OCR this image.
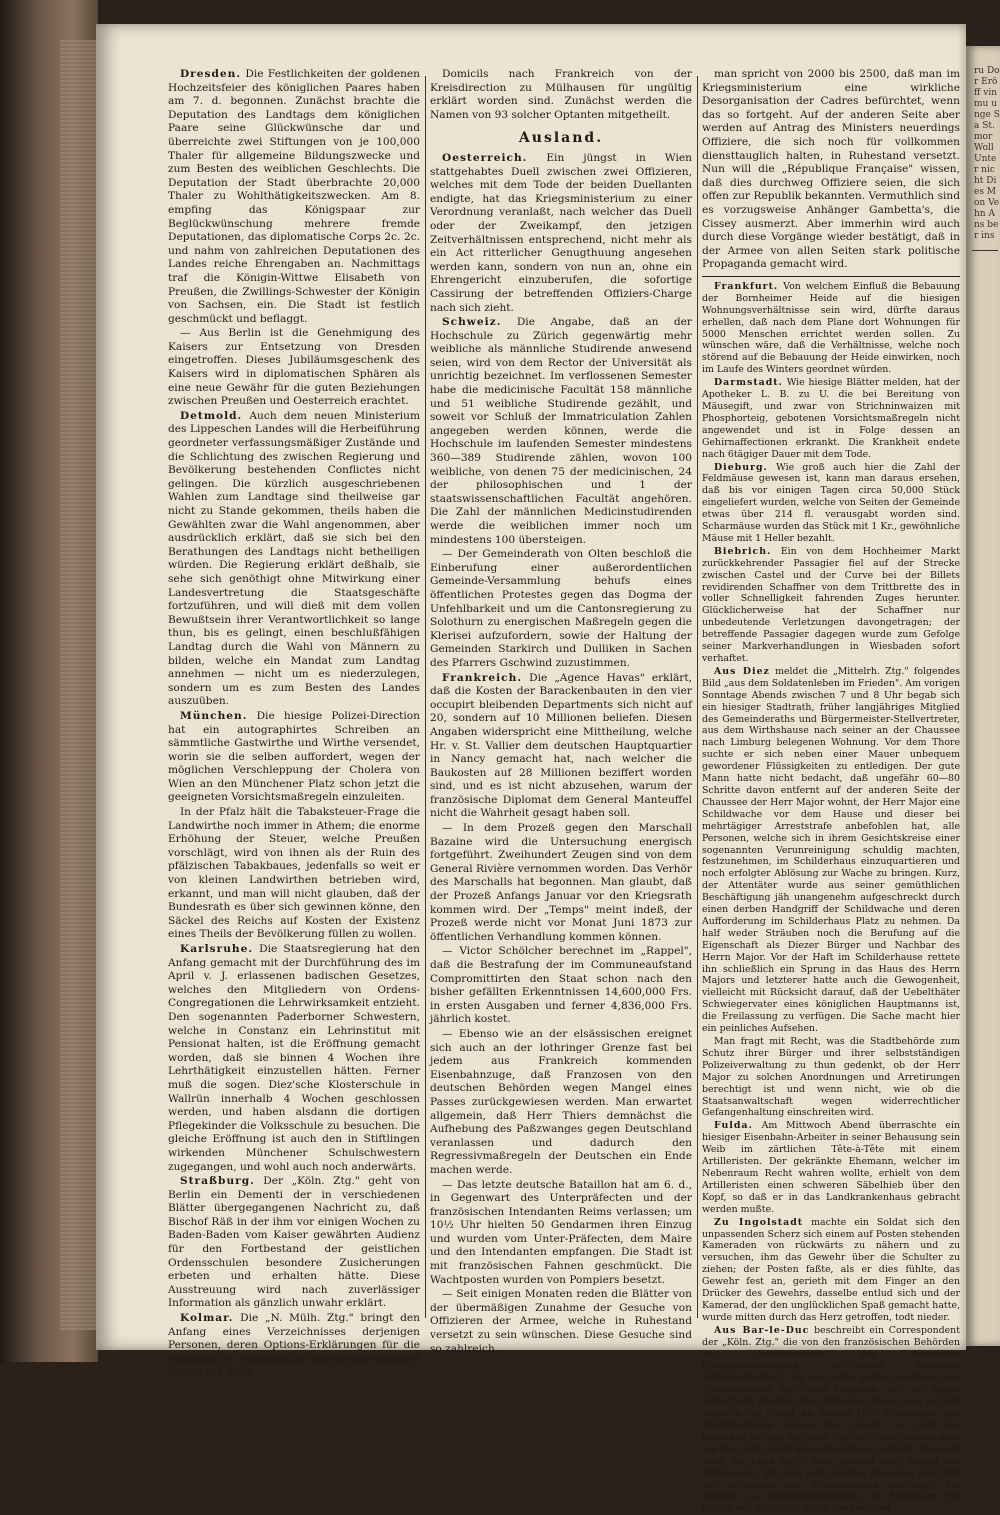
ru Dor Eröff vinmu unge Sa St. mor Woll Unter nicht Dies Mon Vehn Ans ber ins

Dresden. Die Festlichkeiten der goldenen Hochzeitsfeier des königlichen Paares haben am 7. d. begonnen. Zunächst brachte die Deputation des Landtags dem königlichen Paare seine Glückwünsche dar und überreichte zwei Stiftungen von je 100,000 Thaler für allgemeine Bildungszwecke und zum Besten des weiblichen Geschlechts. Die Deputation der Stadt überbrachte 20,000 Thaler zu Wohlthätigkeitszwecken. Am 8. empfing das Königspaar zur Beglückwünschung mehrere fremde Deputationen, das diplomatische Corps 2c. 2c. und nahm von zahlreichen Deputationen des Landes reiche Ehrengaben an. Nachmittags traf die Königin-Wittwe Elisabeth von Preußen, die Zwillings-Schwester der Königin von Sachsen, ein. Die Stadt ist festlich geschmückt und beflaggt.

— Aus Berlin ist die Genehmigung des Kaisers zur Entsetzung von Dresden eingetroffen. Dieses Jubiläumsgeschenk des Kaisers wird in diplomatischen Sphären als eine neue Gewähr für die guten Beziehungen zwischen Preußen und Oesterreich erachtet.

Detmold. Auch dem neuen Ministerium des Lippeschen Landes will die Herbeiführung geordneter verfassungsmäßiger Zustände und die Schlichtung des zwischen Regierung und Bevölkerung bestehenden Conflictes nicht gelingen. Die kürzlich ausgeschriebenen Wahlen zum Landtage sind theilweise gar nicht zu Stande gekommen, theils haben die Gewählten zwar die Wahl angenommen, aber ausdrücklich erklärt, daß sie sich bei den Berathungen des Landtags nicht betheiligen würden. Die Regierung erklärt deßhalb, sie sehe sich genöthigt ohne Mitwirkung einer Landesvertretung die Staatsgeschäfte fortzuführen, und will dieß mit dem vollen Bewußtsein ihrer Verantwortlichkeit so lange thun, bis es gelingt, einen beschlußfähigen Landtag durch die Wahl von Männern zu bilden, welche ein Mandat zum Landtag annehmen — nicht um es niederzulegen, sondern um es zum Besten des Landes auszuüben.

München. Die hiesige Polizei-Direction hat ein autographirtes Schreiben an sämmtliche Gastwirthe und Wirthe versendet, worin sie die selben auffordert, wegen der möglichen Verschleppung der Cholera von Wien an den Münchener Platz schon jetzt die geeigneten Vorsichtsmaßregeln einzuleiten.

In der Pfalz hält die Tabaksteuer-Frage die Landwirthe noch immer in Athem; die enorme Erhöhung der Steuer, welche Preußen vorschlägt, wird von ihnen als der Ruin des pfälzischen Tabakbaues, jedenfalls so weit er von kleinen Landwirthen betrieben wird, erkannt, und man will nicht glauben, daß der Bundesrath es über sich gewinnen könne, den Säckel des Reichs auf Kosten der Existenz eines Theils der Bevölkerung füllen zu wollen.

Karlsruhe. Die Staatsregierung hat den Anfang gemacht mit der Durchführung des im April v. J. erlassenen badischen Gesetzes, welches den Mitgliedern von Ordens-Congregationen die Lehrwirksamkeit entzieht. Den sogenannten Paderborner Schwestern, welche in Constanz ein Lehrinstitut mit Pensionat halten, ist die Eröffnung gemacht worden, daß sie binnen 4 Wochen ihre Lehrthätigkeit einzustellen hätten. Ferner muß die sogen. Diez'sche Klosterschule in Wallrün innerhalb 4 Wochen geschlossen werden, und haben alsdann die dortigen Pflegekinder die Volksschule zu besuchen. Die gleiche Eröffnung ist auch den in Stiftlingen wirkenden Münchener Schulschwestern zugegangen, und wohl auch noch anderwärts.

Straßburg. Der „Köln. Ztg." geht von Berlin ein Dementi der in verschiedenen Blätter übergegangenen Nachricht zu, daß Bischof Räß in der ihm vor einigen Wochen zu Baden-Baden vom Kaiser gewährten Audienz für den Fortbestand der geistlichen Ordensschulen besondere Zusicherungen erbeten und erhalten hätte. Diese Ausstreuung wird nach zuverlässiger Information als gänzlich unwahr erklärt.

Kolmar. Die „N. Mülh. Ztg." bringt den Anfang eines Verzeichnisses derjenigen Personen, deren Options-Erklärungen für die französische Nationalität wegen unterlassener Verlegung ihres

Domicils nach Frankreich von der Kreisdirection zu Mülhausen für ungültig erklärt worden sind. Zunächst werden die Namen von 93 solcher Optanten mitgetheilt.

Ausland.

Oesterreich. Ein jüngst in Wien stattgehabtes Duell zwischen zwei Offizieren, welches mit dem Tode der beiden Duellanten endigte, hat das Kriegsministerium zu einer Verordnung veranlaßt, nach welcher das Duell oder der Zweikampf, den jetzigen Zeitverhältnissen entsprechend, nicht mehr als ein Act ritterlicher Genugthuung angesehen werden kann, sondern von nun an, ohne ein Ehrengericht einzuberufen, die sofortige Cassirung der betreffenden Offiziers-Charge nach sich zieht.

Schweiz. Die Angabe, daß an der Hochschule zu Zürich gegenwärtig mehr weibliche als männliche Studirende anwesend seien, wird von dem Rector der Universität als unrichtig bezeichnet. Im verflossenen Semester habe die medicinische Facultät 158 männliche und 51 weibliche Studirende gezählt, und soweit vor Schluß der Immatriculation Zahlen angegeben werden können, werde die Hochschule im laufenden Semester mindestens 360—389 Studirende zählen, wovon 100 weibliche, von denen 75 der medicinischen, 24 der philosophischen und 1 der staatswissenschaftlichen Facultät angehören. Die Zahl der männlichen Medicinstudirenden werde die weiblichen immer noch um mindestens 100 übersteigen.

— Der Gemeinderath von Olten beschloß die Einberufung einer außerordentlichen Gemeinde-Versammlung behufs eines öffentlichen Protestes gegen das Dogma der Unfehlbarkeit und um die Cantonsregierung zu Solothurn zu energischen Maßregeln gegen die Klerisei aufzufordern, sowie der Haltung der Gemeinden Starkirch und Dulliken in Sachen des Pfarrers Gschwind zuzustimmen.

Frankreich. Die „Agence Havas" erklärt, daß die Kosten der Barackenbauten in den vier occupirt bleibenden Departments sich nicht auf 20, sondern auf 10 Millionen beliefen. Diesen Angaben widerspricht eine Mittheilung, welche Hr. v. St. Vallier dem deutschen Hauptquartier in Nancy gemacht hat, nach welcher die Baukosten auf 28 Millionen beziffert worden sind, und es ist nicht abzusehen, warum der französische Diplomat dem General Manteuffel nicht die Wahrheit gesagt haben soll.

— In dem Prozeß gegen den Marschall Bazaine wird die Untersuchung energisch fortgeführt. Zweihundert Zeugen sind von dem General Rivière vernommen worden. Das Verhör des Marschalls hat begonnen. Man glaubt, daß der Prozeß Anfangs Januar vor den Kriegsrath kommen wird. Der „Temps" meint indeß, der Prozeß werde nicht vor Monat Juni 1873 zur öffentlichen Verhandlung kommen können.

— Victor Schölcher berechnet im „Rappel", daß die Bestrafung der im Communeaufstand Compromittirten den Staat schon nach den bisher gefällten Erkenntnissen 14,600,000 Frs. in ersten Ausgaben und ferner 4,836,000 Frs. jährlich kostet.

— Ebenso wie an der elsässischen ereignet sich auch an der lothringer Grenze fast bei jedem aus Frankreich kommenden Eisenbahnzuge, daß Franzosen von den deutschen Behörden wegen Mangel eines Passes zurückgewiesen werden. Man erwartet allgemein, daß Herr Thiers demnächst die Aufhebung des Paßzwanges gegen Deutschland veranlassen und dadurch den Regressivmaßregeln der Deutschen ein Ende machen werde.

— Das letzte deutsche Bataillon hat am 6. d., in Gegenwart des Unterpräfecten und der französischen Intendanten Reims verlassen; um 10½ Uhr hielten 50 Gendarmen ihren Einzug und wurden vom Unter-Präfecten, dem Maire und den Intendanten empfangen. Die Stadt ist mit französischen Fahnen geschmückt. Die Wachtposten wurden von Pompiers besetzt.

— Seit einigen Monaten reden die Blätter von der übermäßigen Zunahme der Gesuche von Offizieren der Armee, welche in Ruhestand versetzt zu sein wünschen. Diese Gesuche sind so zahlreich,

man spricht von 2000 bis 2500, daß man im Kriegsministerium eine wirkliche Desorganisation der Cadres befürchtet, wenn das so fortgeht. Auf der anderen Seite aber werden auf Antrag des Ministers neuerdings Offiziere, die sich noch für vollkommen diensttauglich halten, in Ruhestand versetzt. Nun will die „République Française" wissen, daß dies durchweg Offiziere seien, die sich offen zur Republik bekannten. Vermuthlich sind es vorzugsweise Anhänger Gambetta's, die Cissey ausmerzt. Aber immerhin wird auch durch diese Vorgänge wieder bestätigt, daß in der Armee von allen Seiten stark politische Propaganda gemacht wird.

Frankfurt. Von welchem Einfluß die Bebauung der Bornheimer Heide auf die hiesigen Wohnungsverhältnisse sein wird, dürfte daraus erhellen, daß nach dem Plane dort Wohnungen für 5000 Menschen errichtet werden sollen. Zu wünschen wäre, daß die Verhältnisse, welche noch störend auf die Bebauung der Heide einwirken, noch im Laufe des Winters geordnet würden.

Darmstadt. Wie hiesige Blätter melden, hat der Apotheker L. B. zu U. die bei Bereitung von Mäusegift, und zwar von Strichninwaizen mit Phosphorteig, gebotenen Vorsichtsmaßregeln nicht angewendet und ist in Folge dessen an Gehirnaffectionen erkrankt. Die Krankheit endete nach 6tägiger Dauer mit dem Tode.

Dieburg. Wie groß auch hier die Zahl der Feldmäuse gewesen ist, kann man daraus ersehen, daß bis vor einigen Tagen circa 50,000 Stück eingeliefert wurden, welche von Seiten der Gemeinde etwas über 214 fl. verausgabt worden sind. Scharmäuse wurden das Stück mit 1 Kr., gewöhnliche Mäuse mit 1 Heller bezahlt.

Biebrich. Ein von dem Hochheimer Markt zurückkehrender Passagier fiel auf der Strecke zwischen Castel und der Curve bei der Billets revidirenden Schaffner von dem Trittbrette des in voller Schnelligkeit fahrenden Zuges herunter. Glücklicherweise hat der Schaffner nur unbedeutende Verletzungen davongetragen; der betreffende Passagier dagegen wurde zum Gefolge seiner Markverhandlungen in Wiesbaden sofort verhaftet.

Aus Diez meldet die „Mittelrh. Ztg." folgendes Bild „aus dem Soldatenleben im Frieden". Am vorigen Sonntage Abends zwischen 7 und 8 Uhr begab sich ein hiesiger Stadtrath, früher langjähriges Mitglied des Gemeinderaths und Bürgermeister-Stellvertreter, aus dem Wirthshause nach seiner an der Chaussee nach Limburg belegenen Wohnung. Vor dem Thore suchte er sich neben einer Mauer unbequem gewordener Flüssigkeiten zu entledigen. Der gute Mann hatte nicht bedacht, daß ungefähr 60—80 Schritte davon entfernt auf der anderen Seite der Chaussee der Herr Major wohnt, der Herr Major eine Schildwache vor dem Hause und dieser bei mehrtägiger Arreststrafe anbefohlen hat, alle Personen, welche sich in ihrem Gesichtskreise einer sogenannten Verunreinigung schuldig machten, festzunehmen, im Schilderhaus einzuquartieren und noch erfolgter Ablösung zur Wache zu bringen. Kurz, der Attentäter wurde aus seiner gemüthlichen Beschäftigung jäh unangenehm aufgeschreckt durch einen derben Handgriff der Schildwache und deren Aufforderung im Schilderhaus Platz zu nehmen. Da half weder Sträuben noch die Berufung auf die Eigenschaft als Diezer Bürger und Nachbar des Herrn Major. Vor der Haft im Schilderhause rettete ihn schließlich ein Sprung in das Haus des Herrn Majors und letzterer hatte auch die Gewogenheit, vielleicht mit Rücksicht darauf, daß der Uebelthäter Schwiegervater eines königlichen Hauptmanns ist, die Freilassung zu verfügen. Die Sache macht hier ein peinliches Aufsehen.

Man fragt mit Recht, was die Stadtbehörde zum Schutz ihrer Bürger und ihrer selbstständigen Polizeiverwaltung zu thun gedenkt, ob der Herr Major zu solchen Anordnungen und Arretirungen berechtigt ist und wenn nicht, wie ob die Staatsanwaltschaft wegen widerrechtlicher Gefangenhaltung einschreiten wird.

Fulda. Am Mittwoch Abend überraschte ein hiesiger Eisenbahn-Arbeiter in seiner Behausung sein Weib im zärtlichen Tête-à-Tête mit einem Artilleristen. Der gekränkte Ehemann, welcher im Nebenraum Recht wahren wollte, erhielt von dem Artilleristen einen schweren Säbelhieb über den Kopf, so daß er in das Landkrankenhaus gebracht werden mußte.

Zu Ingolstadt machte ein Soldat sich den unpassenden Scherz sich einem auf Posten stehenden Kameraden von rückwärts zu nähern und zu versuchen, ihm das Gewehr über die Schulter zu ziehen; der Posten faßte, als er dies fühlte, das Gewehr fest an, gerieth mit dem Finger an den Drücker des Gewehrs, dasselbe entlud sich und der Kamerad, der den unglücklichen Spaß gemacht hatte, wurde mitten durch das Herz getroffen, todt nieder.

Aus Bar-le-Duc beschreibt ein Correspondent der „Köln. Ztg." die von den französischen Behörden zur Unterbringung der deutschen Occupationstruppen errichteten Baracken folgendermaßen: „Es sind zehn große zwischen zwei Wasserstraßen errichtete Gebäude. Auf der einen Seite fließt nämlich das Flüßchen Ornain und auf der anderen ein Canal, an dessen Ufer Brauereien und Fabrikgebäude stehen. Der Grund, auf dem die Baracken stehen, war eine feuchte Wiese, wurde aber um drei Fuß durch Kiesaufschüttung erhöht; dennoch wird die Lage nicht sehr gesund sein, zumal zur Winterszeit. Von den zehn großen Baracken sind fünf zur Aufnahme von Mannschaften bestimmt, die übrigen zu Offizierwohnungen, zu Speichern für Futter und Vorräthe. Die Baracken sind
